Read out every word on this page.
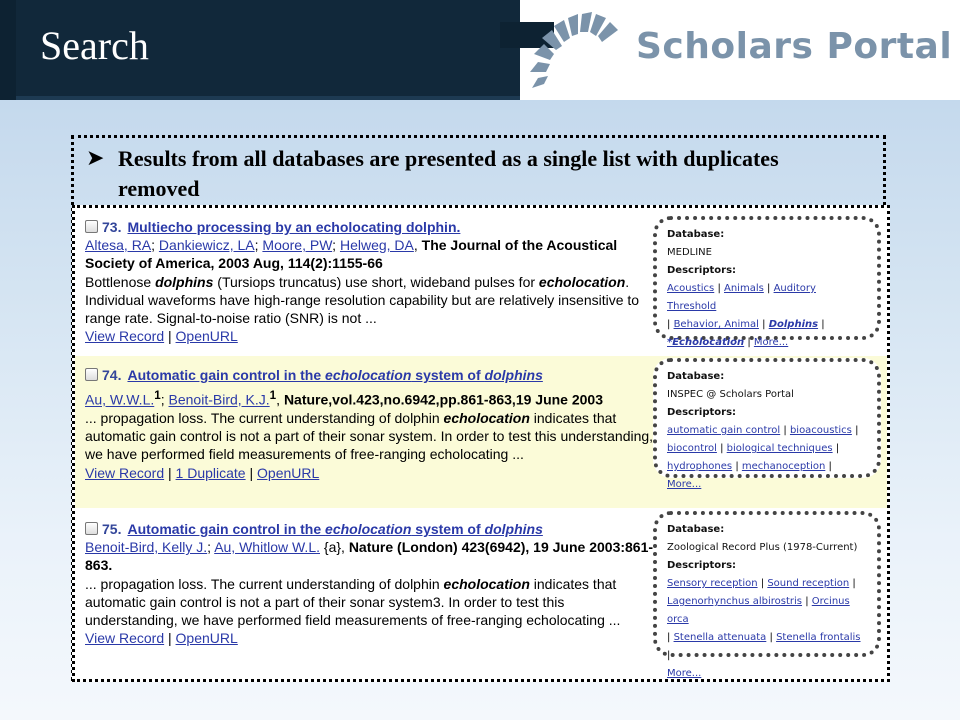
Search	Scholars Portal
➤ Results from all databases are presented as a single list with duplicates removed
73. Multiecho processing by an echolocating dolphin.
Altesa, RA; Dankiewicz, LA; Moore, PW; Helweg, DA, The Journal of the Acoustical Society of America, 2003 Aug, 114(2):1155-66
Bottlenose dolphins (Tursiops truncatus) use short, wideband pulses for echolocation. Individual waveforms have high-range resolution capability but are relatively insensitive to range rate. Signal-to-noise ratio (SNR) is not ...
View Record | OpenURL
74. Automatic gain control in the echolocation system of dolphins
Au, W.W.L.$^1$; Benoit-Bird, K.J.$^1$, Nature,vol.423,no.6942,pp.861-863,19 June 2003
... propagation loss. The current understanding of dolphin echolocation indicates that automatic gain control is not a part of their sonar system. In order to test this understanding, we have performed field measurements of free-ranging echolocating ...
View Record | 1 Duplicate | OpenURL
75. Automatic gain control in the echolocation system of dolphins
Benoit-Bird, Kelly J.; Au, Whitlow W.L. {a}, Nature (London) 423(6942), 19 June 2003:861-863.
... propagation loss. The current understanding of dolphin echolocation indicates that automatic gain control is not a part of their sonar system3. In order to test this understanding, we have performed field measurements of free-ranging echolocating ...
View Record | OpenURL
Database:
MEDLINE
Descriptors:
Acoustics | Animals | Auditory Threshold
| Behavior, Animal | Dolphins |
*Echolocation | More...
Database:
INSPEC @ Scholars Portal
Descriptors:
automatic gain control | bioacoustics |
biocontrol | biological techniques |
hydrophones | mechanoception | More...
Database:
Zoological Record Plus (1978-Current)
Descriptors:
Sensory reception | Sound reception |
Lagenorhynchus albirostris | Orcinus orca
| Stenella attenuata | Stenella frontalis |
More...
